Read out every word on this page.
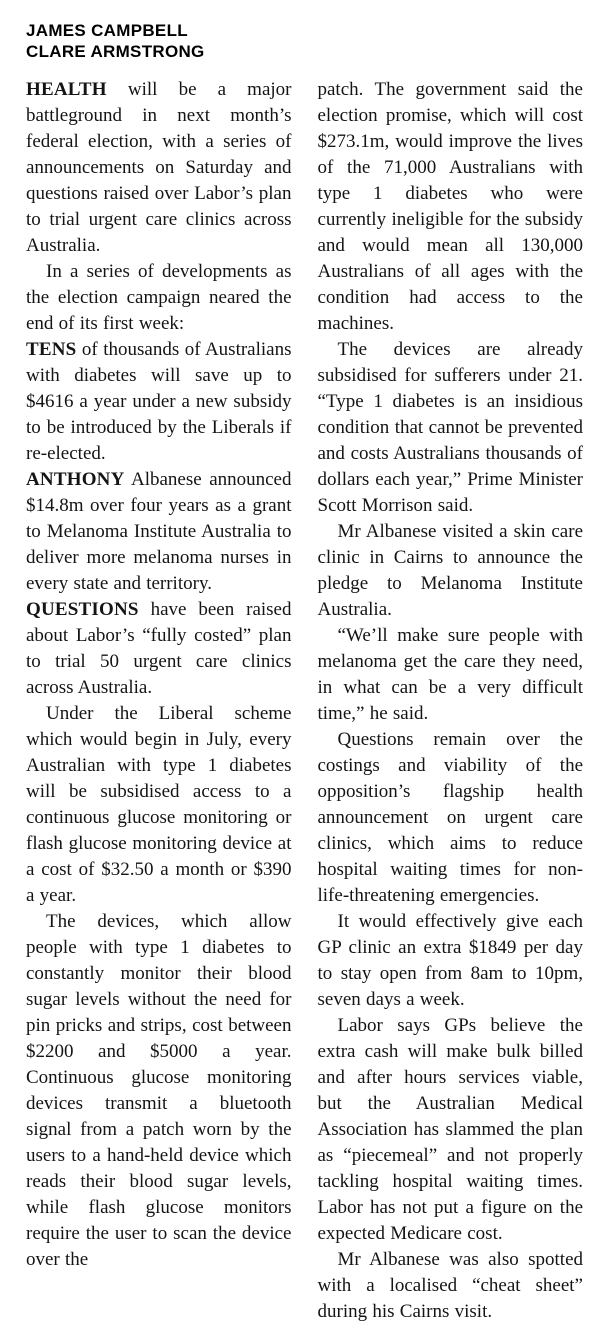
JAMES CAMPBELL
CLARE ARMSTRONG

HEALTH will be a major battleground in next month’s federal election, with a series of announcements on Saturday and questions raised over Labor’s plan to trial urgent care clinics across Australia.

In a series of developments as the election campaign neared the end of its first week:

TENS of thousands of Australians with diabetes will save up to $4616 a year under a new subsidy to be introduced by the Liberals if re-elected.

ANTHONY Albanese announced $14.8m over four years as a grant to Melanoma Institute Australia to deliver more melanoma nurses in every state and territory.

QUESTIONS have been raised about Labor’s “fully costed” plan to trial 50 urgent care clinics across Australia.

Under the Liberal scheme which would begin in July, every Australian with type 1 diabetes will be subsidised access to a continuous glucose monitoring or flash glucose monitoring device at a cost of $32.50 a month or $390 a year.

The devices, which allow people with type 1 diabetes to constantly monitor their blood sugar levels without the need for pin pricks and strips, cost between $2200 and $5000 a year. Continuous glucose monitoring devices transmit a bluetooth signal from a patch worn by the users to a hand-held device which reads their blood sugar levels, while flash glucose monitors require the user to scan the device over the

patch. The government said the election promise, which will cost $273.1m, would improve the lives of the 71,000 Australians with type 1 diabetes who were currently ineligible for the subsidy and would mean all 130,000 Australians of all ages with the condition had access to the machines.

The devices are already subsidised for sufferers under 21. “Type 1 diabetes is an insidious condition that cannot be prevented and costs Australians thousands of dollars each year,” Prime Minister Scott Morrison said.

Mr Albanese visited a skin care clinic in Cairns to announce the pledge to Melanoma Institute Australia.

“We’ll make sure people with melanoma get the care they need, in what can be a very difficult time,” he said.

Questions remain over the costings and viability of the opposition’s flagship health announcement on urgent care clinics, which aims to reduce hospital waiting times for non-life-threatening emergencies.

It would effectively give each GP clinic an extra $1849 per day to stay open from 8am to 10pm, seven days a week.

Labor says GPs believe the extra cash will make bulk billed and after hours services viable, but the Australian Medical Association has slammed the plan as “piecemeal” and not properly tackling hospital waiting times. Labor has not put a figure on the expected Medicare cost.

Mr Albanese was also spotted with a localised “cheat sheet” during his Cairns visit.
